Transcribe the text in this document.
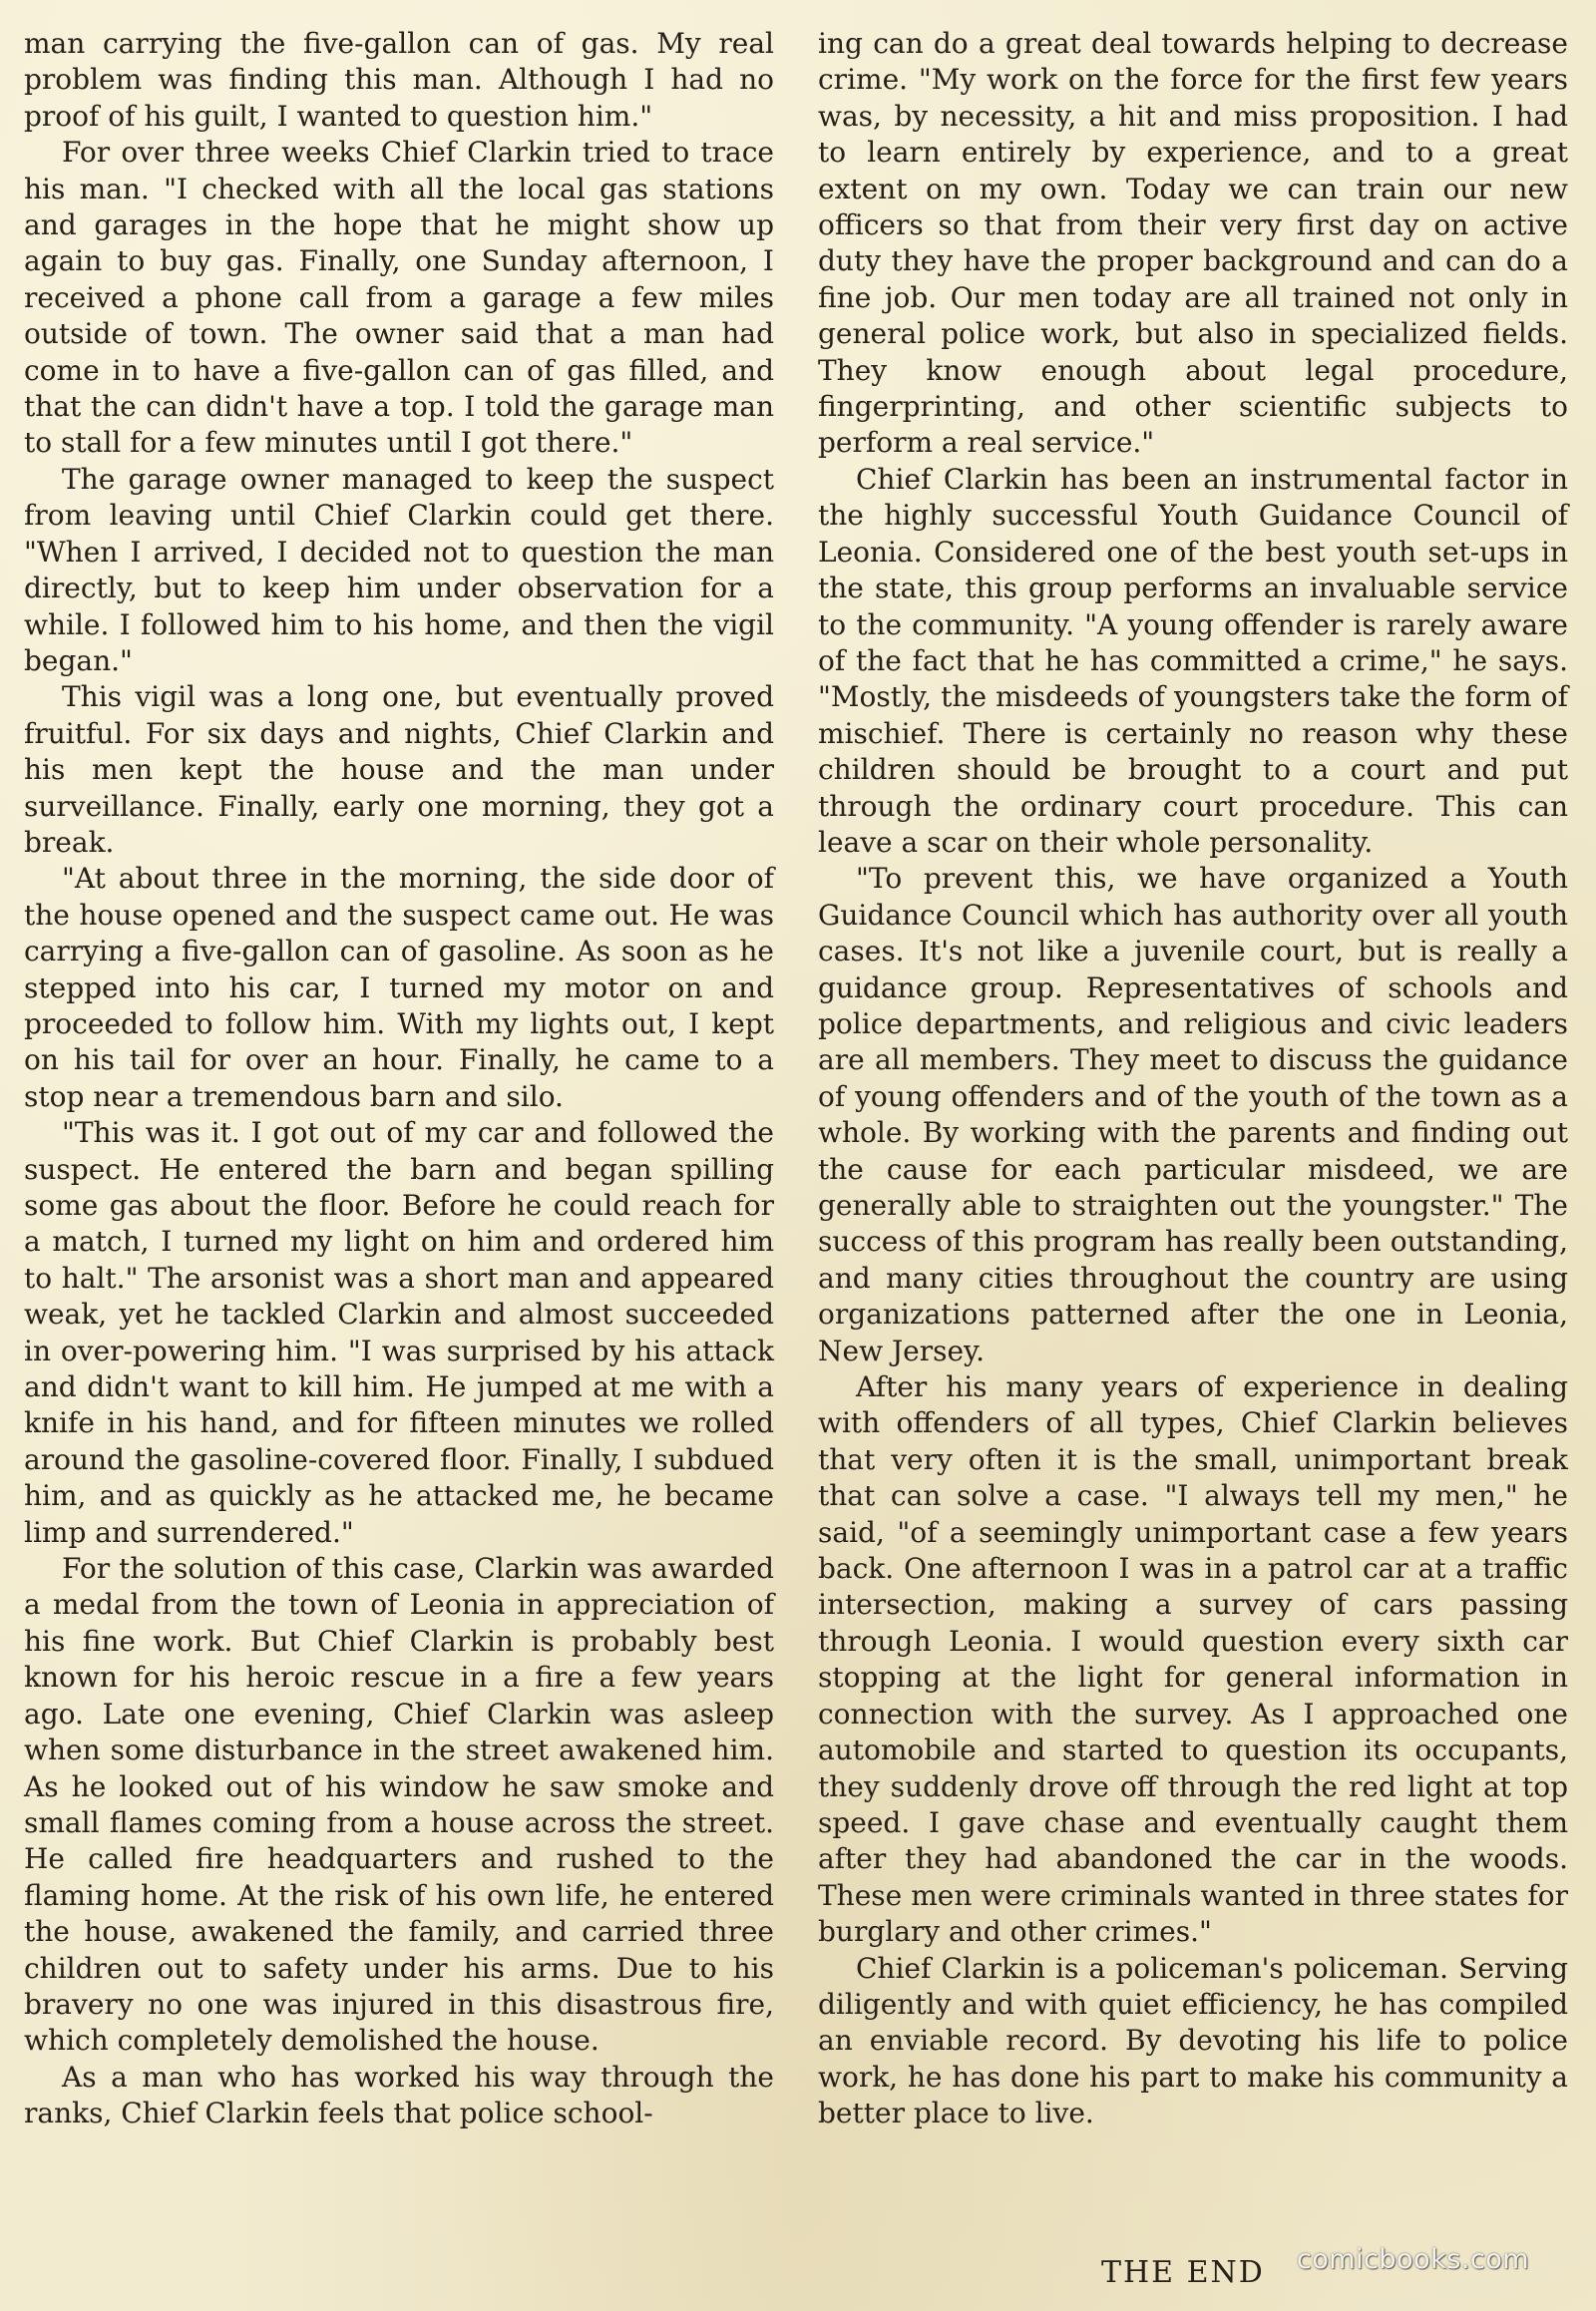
man carrying the five-gallon can of gas. My real problem was finding this man. Although I had no proof of his guilt, I wanted to question him."

For over three weeks Chief Clarkin tried to trace his man. "I checked with all the local gas stations and garages in the hope that he might show up again to buy gas. Finally, one Sunday afternoon, I received a phone call from a garage a few miles outside of town. The owner said that a man had come in to have a five-gallon can of gas filled, and that the can didn't have a top. I told the garage man to stall for a few minutes until I got there."

The garage owner managed to keep the suspect from leaving until Chief Clarkin could get there. "When I arrived, I decided not to question the man directly, but to keep him under observation for a while. I followed him to his home, and then the vigil began."

This vigil was a long one, but eventually proved fruitful. For six days and nights, Chief Clarkin and his men kept the house and the man under surveillance. Finally, early one morning, they got a break.

"At about three in the morning, the side door of the house opened and the suspect came out. He was carrying a five-gallon can of gasoline. As soon as he stepped into his car, I turned my motor on and proceeded to follow him. With my lights out, I kept on his tail for over an hour. Finally, he came to a stop near a tremendous barn and silo.

"This was it. I got out of my car and followed the suspect. He entered the barn and began spilling some gas about the floor. Before he could reach for a match, I turned my light on him and ordered him to halt." The arsonist was a short man and appeared weak, yet he tackled Clarkin and almost succeeded in over-powering him. "I was surprised by his attack and didn't want to kill him. He jumped at me with a knife in his hand, and for fifteen minutes we rolled around the gasoline-covered floor. Finally, I subdued him, and as quickly as he attacked me, he became limp and surrendered."

For the solution of this case, Clarkin was awarded a medal from the town of Leonia in appreciation of his fine work. But Chief Clarkin is probably best known for his heroic rescue in a fire a few years ago. Late one evening, Chief Clarkin was asleep when some disturbance in the street awakened him. As he looked out of his window he saw smoke and small flames coming from a house across the street. He called fire headquarters and rushed to the flaming home. At the risk of his own life, he entered the house, awakened the family, and carried three children out to safety under his arms. Due to his bravery no one was injured in this disastrous fire, which completely demolished the house.

As a man who has worked his way through the ranks, Chief Clarkin feels that police school-

ing can do a great deal towards helping to decrease crime. "My work on the force for the first few years was, by necessity, a hit and miss proposition. I had to learn entirely by experience, and to a great extent on my own. Today we can train our new officers so that from their very first day on active duty they have the proper background and can do a fine job. Our men today are all trained not only in general police work, but also in specialized fields. They know enough about legal procedure, fingerprinting, and other scientific subjects to perform a real service."

Chief Clarkin has been an instrumental factor in the highly successful Youth Guidance Council of Leonia. Considered one of the best youth set-ups in the state, this group performs an invaluable service to the community. "A young offender is rarely aware of the fact that he has committed a crime," he says. "Mostly, the misdeeds of youngsters take the form of mischief. There is certainly no reason why these children should be brought to a court and put through the ordinary court procedure. This can leave a scar on their whole personality.

"To prevent this, we have organized a Youth Guidance Council which has authority over all youth cases. It's not like a juvenile court, but is really a guidance group. Representatives of schools and police departments, and religious and civic leaders are all members. They meet to discuss the guidance of young offenders and of the youth of the town as a whole. By working with the parents and finding out the cause for each particular misdeed, we are generally able to straighten out the youngster." The success of this program has really been outstanding, and many cities throughout the country are using organizations patterned after the one in Leonia, New Jersey.

After his many years of experience in dealing with offenders of all types, Chief Clarkin believes that very often it is the small, unimportant break that can solve a case. "I always tell my men," he said, "of a seemingly unimportant case a few years back. One afternoon I was in a patrol car at a traffic intersection, making a survey of cars passing through Leonia. I would question every sixth car stopping at the light for general information in connection with the survey. As I approached one automobile and started to question its occupants, they suddenly drove off through the red light at top speed. I gave chase and eventually caught them after they had abandoned the car in the woods. These men were criminals wanted in three states for burglary and other crimes."

Chief Clarkin is a policeman's policeman. Serving diligently and with quiet efficiency, he has compiled an enviable record. By devoting his life to police work, he has done his part to make his community a better place to live.

THE END comicbooks.com
